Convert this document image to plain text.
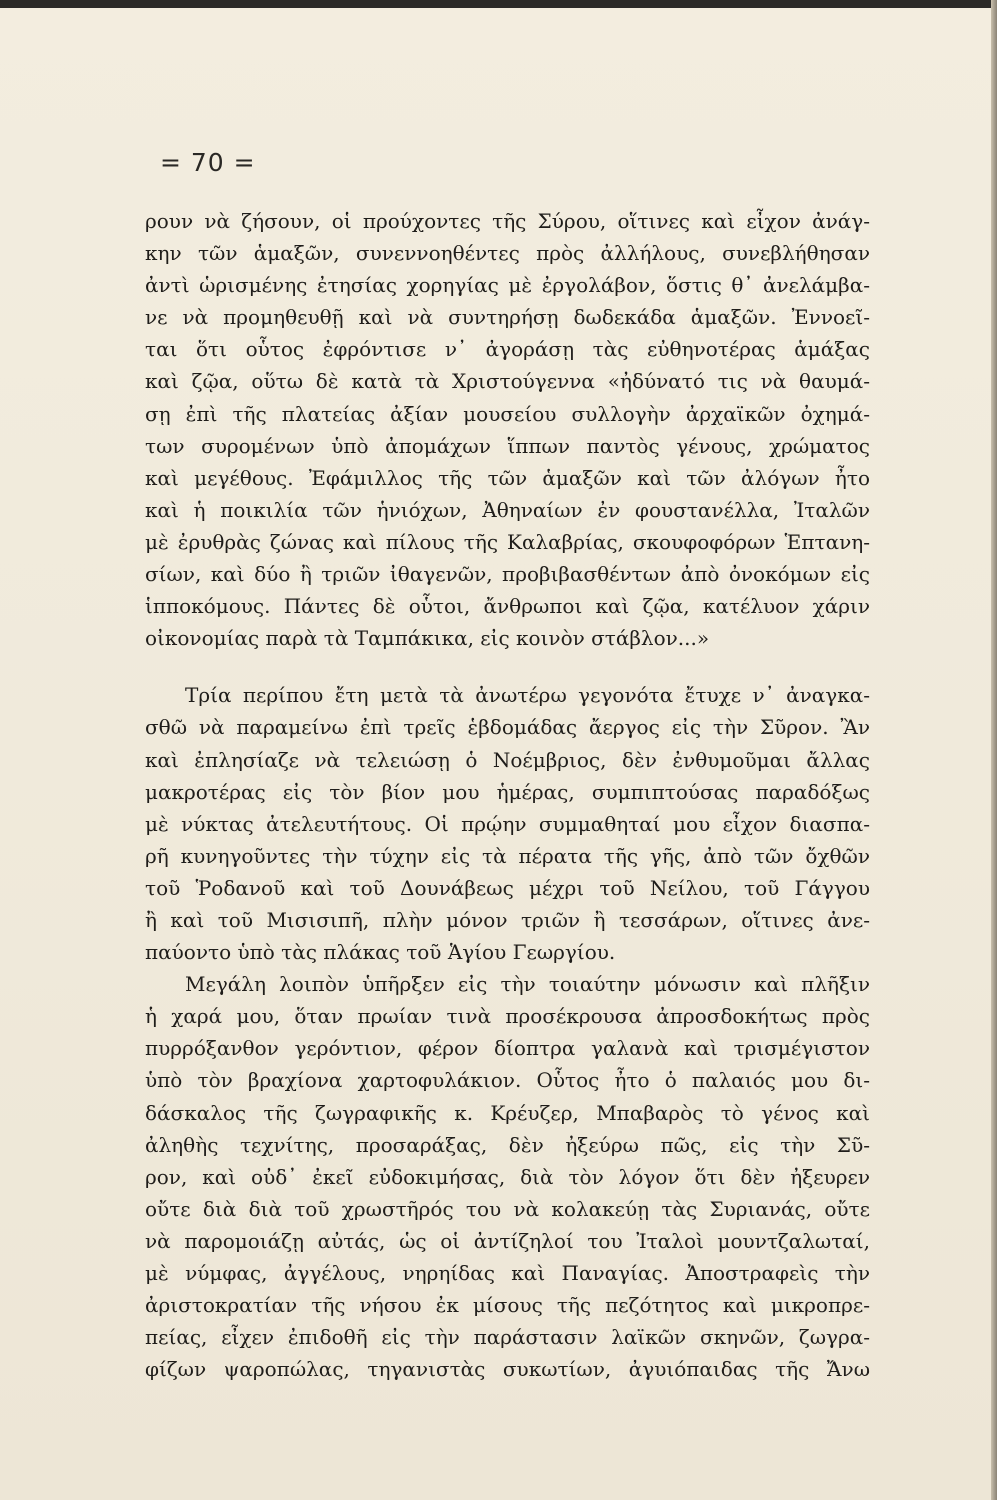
= 70 =
ρουν νὰ ζήσουν, οἱ προύχοντες τῆς Σύρου, οἵτινες καὶ εἶχον ἀνάγ-
κην τῶν ἁμαξῶν, συνεννοηθέντες πρὸς ἀλλήλους, συνεβλήθησαν
ἀντὶ ὡρισμένης ἐτησίας χορηγίας μὲ ἐργολάβον, ὅστις θ᾽ ἀνελάμβα-
νε νὰ προμηθευθῇ καὶ νὰ συντηρήσῃ δωδεκάδα ἁμαξῶν. Ἐννοεῖ-
ται ὅτι οὗτος ἐφρόντισε ν᾽ ἀγοράσῃ τὰς εὐθηνοτέρας ἁμάξας
καὶ ζῷα, οὕτω δὲ κατὰ τὰ Χριστούγεννα «ἠδύνατό τις νὰ θαυμά-
σῃ ἐπὶ τῆς πλατείας ἀξίαν μουσείου συλλογὴν ἀρχαϊκῶν ὀχημά-
των συρομένων ὑπὸ ἀπομάχων ἵππων παντὸς γένους, χρώματος
καὶ μεγέθους. Ἐφάμιλλος τῆς τῶν ἁμαξῶν καὶ τῶν ἀλόγων ἦτο
καὶ ἡ ποικιλία τῶν ἡνιόχων, Ἀθηναίων ἐν φουστανέλλα, Ἰταλῶν
μὲ ἐρυθρὰς ζώνας καὶ πίλους τῆς Καλαβρίας, σκουφοφόρων Ἑπτανη-
σίων, καὶ δύο ἢ τριῶν ἰθαγενῶν, προβιβασθέντων ἀπὸ ὀνοκόμων εἰς
ἱπποκόμους. Πάντες δὲ οὗτοι, ἄνθρωποι καὶ ζῷα, κατέλυον χάριν
οἰκονομίας παρὰ τὰ Ταμπάκικα, εἰς κοινὸν στάβλον...»
Τρία περίπου ἔτη μετὰ τὰ ἀνωτέρω γεγονότα ἔτυχε ν᾽ ἀναγκα-
σθῶ νὰ παραμείνω ἐπὶ τρεῖς ἑβδομάδας ἄεργος εἰς τὴν Σῦρον. Ἂν
καὶ ἐπλησίαζε νὰ τελειώσῃ ὁ Νοέμβριος, δὲν ἐνθυμοῦμαι ἄλλας
μακροτέρας εἰς τὸν βίον μου ἡμέρας, συμπιπτούσας παραδόξως
μὲ νύκτας ἀτελευτήτους. Οἱ πρῴην συμμαθηταί μου εἶχον διασπα-
ρῆ κυνηγοῦντες τὴν τύχην εἰς τὰ πέρατα τῆς γῆς, ἀπὸ τῶν ὄχθῶν
τοῦ Ῥοδανοῦ καὶ τοῦ Δουνάβεως μέχρι τοῦ Νείλου, τοῦ Γάγγου
ἢ καὶ τοῦ Μισισιπῆ, πλὴν μόνον τριῶν ἢ τεσσάρων, οἵτινες ἀνε-
παύοντο ὑπὸ τὰς πλάκας τοῦ Ἁγίου Γεωργίου.
Μεγάλη λοιπὸν ὑπῆρξεν εἰς τὴν τοιαύτην μόνωσιν καὶ πλῆξιν
ἡ χαρά μου, ὅταν πρωίαν τινὰ προσέκρουσα ἀπροσδοκήτως πρὸς
πυρρόξανθον γερόντιον, φέρον δίοπτρα γαλανὰ καὶ τρισμέγιστον
ὑπὸ τὸν βραχίονα χαρτοφυλάκιον. Οὗτος ἦτο ὁ παλαιός μου δι-
δάσκαλος τῆς ζωγραφικῆς κ. Κρέυζερ, Μπαβαρὸς τὸ γένος καὶ
ἀληθὴς τεχνίτης, προσαράξας, δὲν ἠξεύρω πῶς, εἰς τὴν Σῦ-
ρον, καὶ οὐδ᾽ ἐκεῖ εὐδοκιμήσας, διὰ τὸν λόγον ὅτι δὲν ἠξευρεν
οὔτε διὰ διὰ τοῦ χρωστῆρός του νὰ κολακεύῃ τὰς Συριανάς, οὔτε
νὰ παρομοιάζῃ αὐτάς, ὡς οἱ ἀντίζηλοί του Ἰταλοὶ μουντζαλωταί,
μὲ νύμφας, ἀγγέλους, νηρηίδας καὶ Παναγίας. Ἀποστραφεὶς τὴν
ἀριστοκρατίαν τῆς νήσου ἐκ μίσους τῆς πεζότητος καὶ μικροπρε-
πείας, εἶχεν ἐπιδοθῆ εἰς τὴν παράστασιν λαϊκῶν σκηνῶν, ζωγρα-
φίζων ψαροπώλας, τηγανιστὰς συκωτίων, ἀγυιόπαιδας τῆς Ἄνω
